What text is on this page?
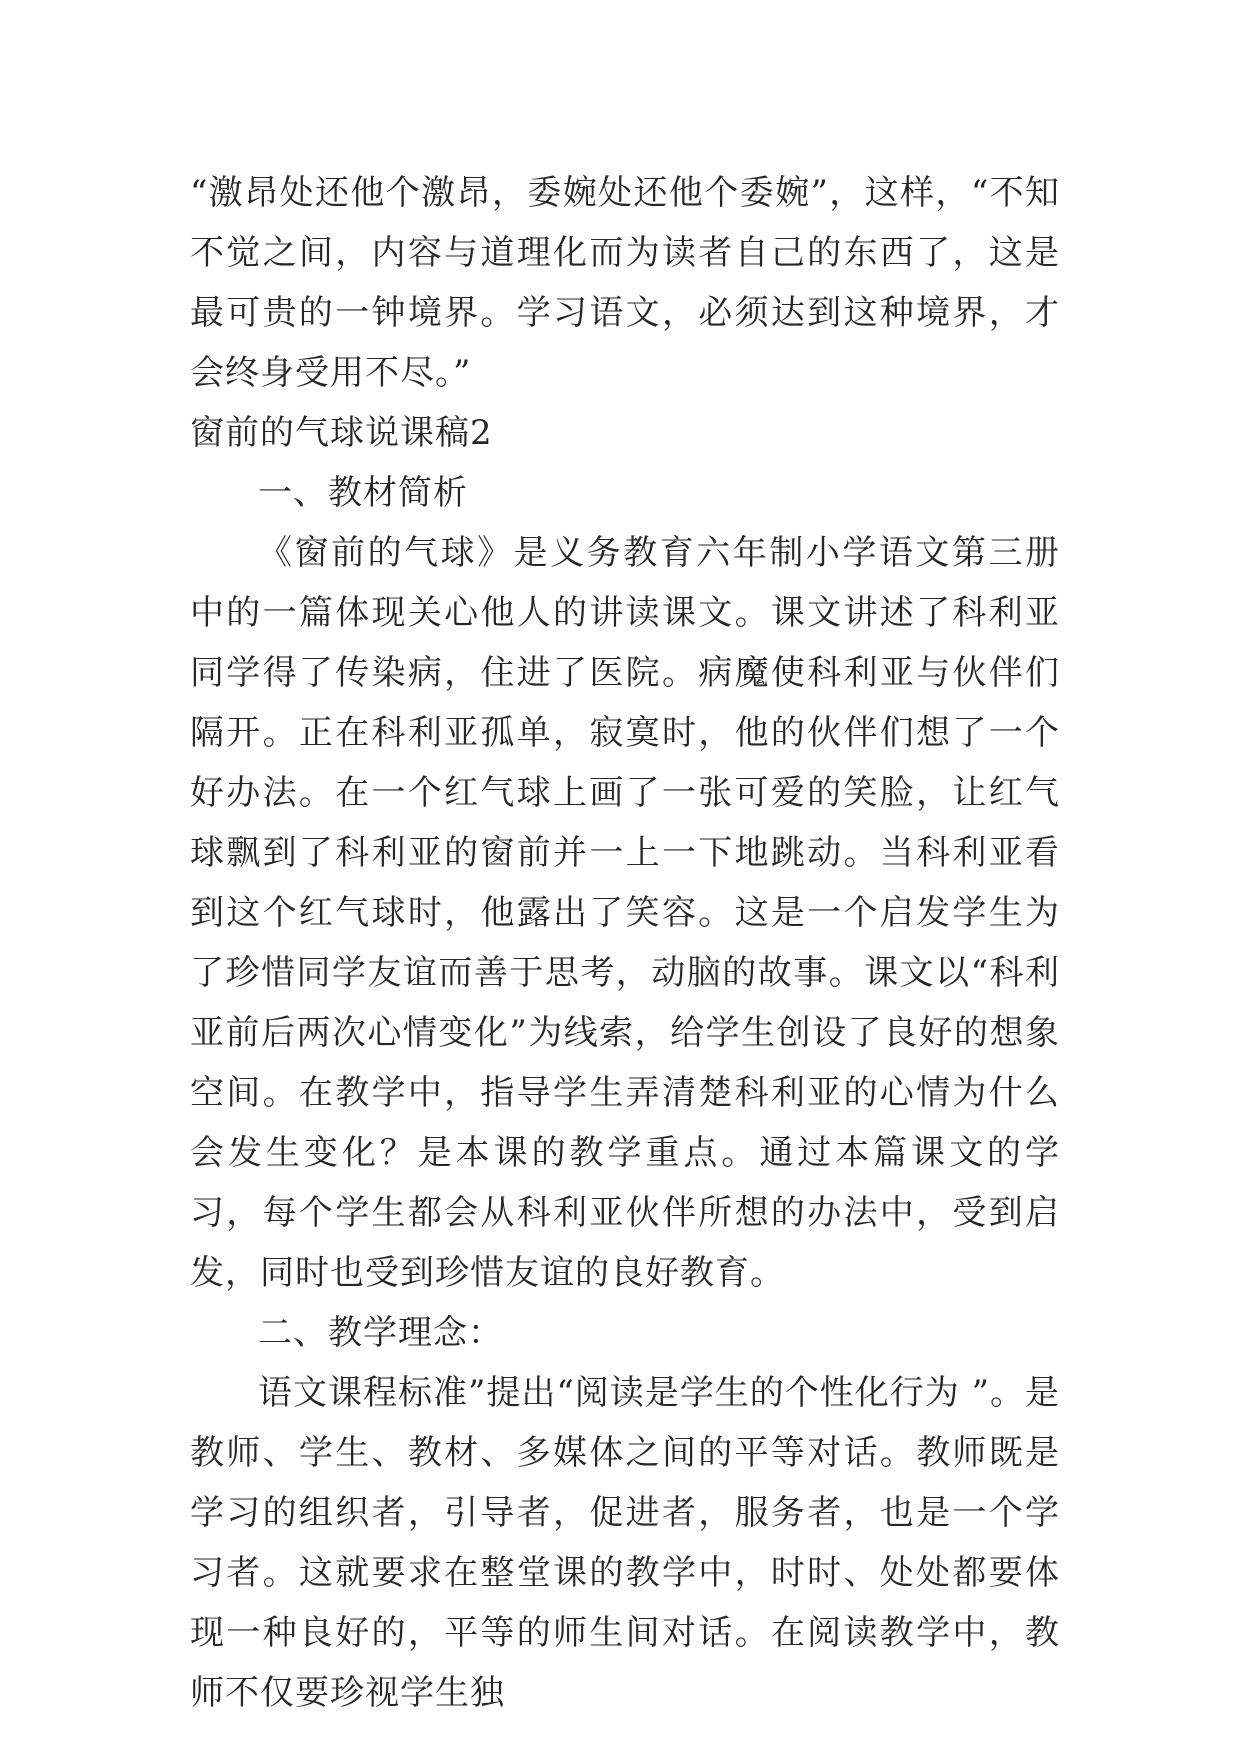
“激昂处还他个激昂，委婉处还他个委婉”，这样，“不知不觉之间，内容与道理化而为读者自己的东西了，这是最可贵的一钟境界。学习语文，必须达到这种境界，才会终身受用不尽。”

窗前的气球说课稿2

一、教材简析

《窗前的气球》是义务教育六年制小学语文第三册中的一篇体现关心他人的讲读课文。课文讲述了科利亚同学得了传染病，住进了医院。病魔使科利亚与伙伴们隔开。正在科利亚孤单，寂寞时，他的伙伴们想了一个好办法。在一个红气球上画了一张可爱的笑脸，让红气球飘到了科利亚的窗前并一上一下地跳动。当科利亚看到这个红气球时，他露出了笑容。这是一个启发学生为了珍惜同学友谊而善于思考，动脑的故事。课文以“科利亚前后两次心情变化”为线索，给学生创设了良好的想象空间。在教学中，指导学生弄清楚科利亚的心情为什么会发生变化？是本课的教学重点。通过本篇课文的学习，每个学生都会从科利亚伙伴所想的办法中，受到启发，同时也受到珍惜友谊的良好教育。

二、教学理念：

语文课程标准”提出“阅读是学生的个性化行为 ”。是教师、学生、教材、多媒体之间的平等对话。教师既是学习的组织者，引导者，促进者，服务者，也是一个学习者。这就要求在整堂课的教学中，时时、处处都要体现一种良好的，平等的师生间对话。在阅读教学中，教师不仅要珍视学生独
